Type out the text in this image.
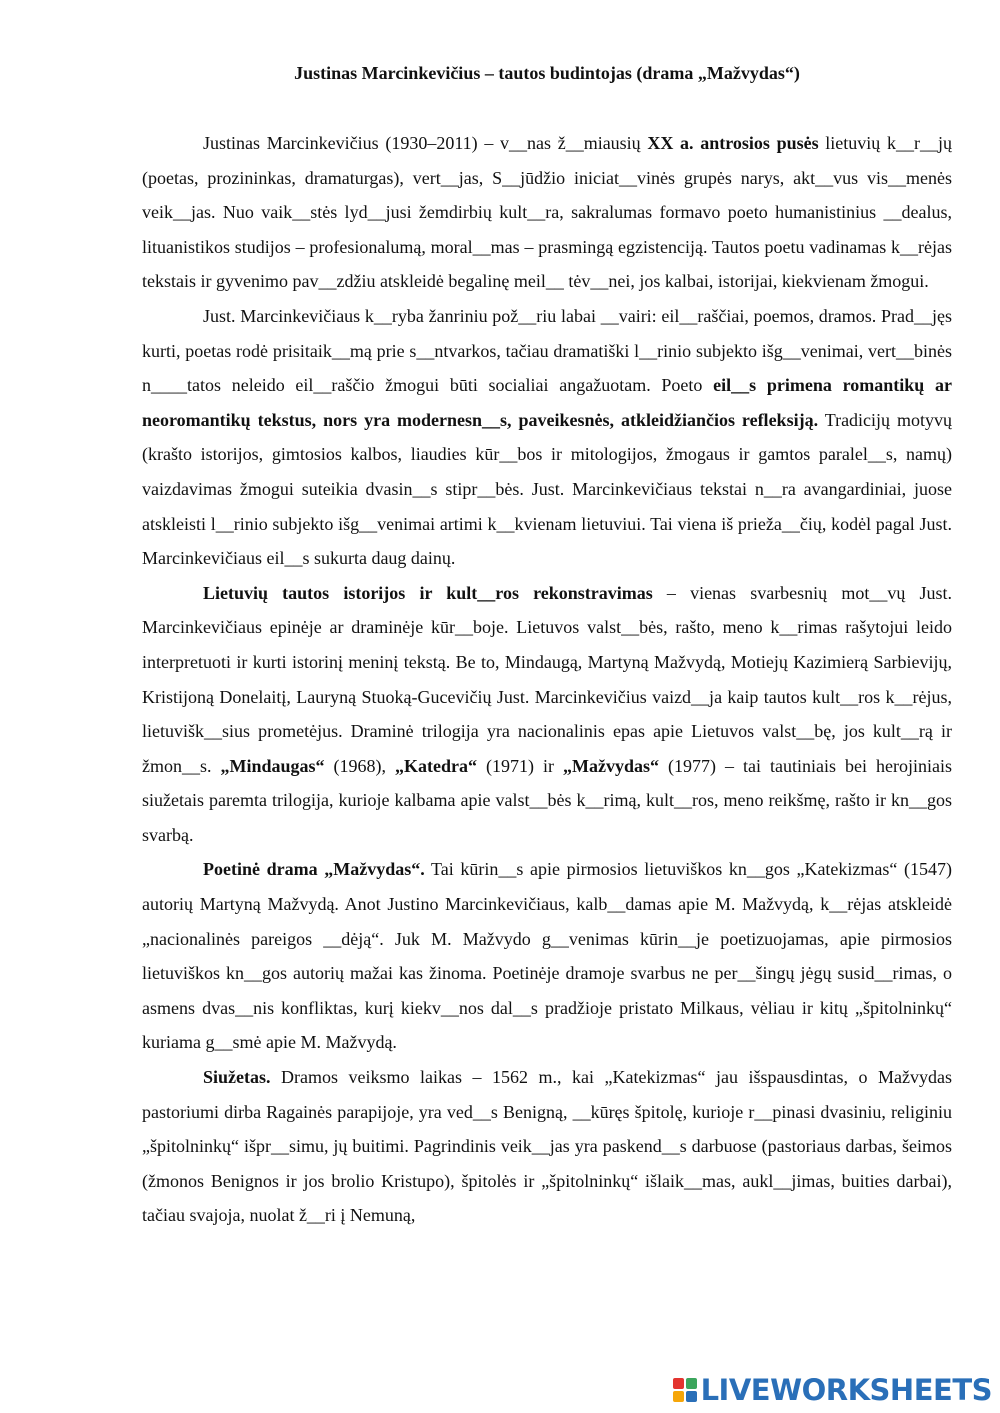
Justinas Marcinkevičius – tautos budintojas (drama „Mažvydas“)

Justinas Marcinkevičius (1930–2011) – v__nas ž__miausių XX a. antrosios pusės lietuvių k__r__jų (poetas, prozininkas, dramaturgas), vert__jas, S__jūdžio iniciat__vinės grupės narys, akt__vus vis__menės veik__jas. Nuo vaik__stės lyd__jusi žemdirbių kult__ra, sakralumas formavo poeto humanistinius __dealus, lituanistikos studijos – profesionalumą, moral__mas – prasmingą egzistenciją. Tautos poetu vadinamas k__rėjas tekstais ir gyvenimo pav__zdžiu atskleidė begalinę meil__ tėv__nei, jos kalbai, istorijai, kiekvienam žmogui.

Just. Marcinkevičiaus k__ryba žanriniu pož__riu labai __vairi: eil__raščiai, poemos, dramos. Prad__jęs kurti, poetas rodė prisitaik__mą prie s__ntvarkos, tačiau dramatiški l__rinio subjekto išg__venimai, vert__binės n____tatos neleido eil__raščio žmogui būti socialiai angažuotam. Poeto eil__s primena romantikų ar neoromantikų tekstus, nors yra modernesn__s, paveikesnės, atkleidžiančios refleksiją. Tradicijų motyvų (krašto istorijos, gimtosios kalbos, liaudies kūr__bos ir mitologijos, žmogaus ir gamtos paralel__s, namų) vaizdavimas žmogui suteikia dvasin__s stipr__bės. Just. Marcinkevičiaus tekstai n__ra avangardiniai, juose atskleisti l__rinio subjekto išg__venimai artimi k__kvienam lietuviui. Tai viena iš prieža__čių, kodėl pagal Just. Marcinkevičiaus eil__s sukurta daug dainų.

Lietuvių tautos istorijos ir kult__ros rekonstravimas – vienas svarbesnių mot__vų Just. Marcinkevičiaus epinėje ar draminėje kūr__boje. Lietuvos valst__bės, rašto, meno k__rimas rašytojui leido interpretuoti ir kurti istorinį meninį tekstą. Be to, Mindaugą, Martyną Mažvydą, Motiejų Kazimierą Sarbievijų, Kristijoną Donelaitį, Lauryną Stuoką-Gucevičių Just. Marcinkevičius vaizd__ja kaip tautos kult__ros k__rėjus, lietuvišk__sius prometėjus. Draminė trilogija yra nacionalinis epas apie Lietuvos valst__bę, jos kult__rą ir žmon__s. „Mindaugas“ (1968), „Katedra“ (1971) ir „Mažvydas“ (1977) – tai tautiniais bei herojiniais siužetais paremta trilogija, kurioje kalbama apie valst__bės k__rimą, kult__ros, meno reikšmę, rašto ir kn__gos svarbą.

Poetinė drama „Mažvydas“. Tai kūrin__s apie pirmosios lietuviškos kn__gos „Katekizmas“ (1547) autorių Martyną Mažvydą. Anot Justino Marcinkevičiaus, kalb__damas apie M. Mažvydą, k__rėjas atskleidė „nacionalinės pareigos __dėją“. Juk M. Mažvydo g__venimas kūrin__je poetizuojamas, apie pirmosios lietuviškos kn__gos autorių mažai kas žinoma. Poetinėje dramoje svarbus ne per__šingų jėgų susid__rimas, o asmens dvas__nis konfliktas, kurį kiekv__nos dal__s pradžioje pristato Milkaus, vėliau ir kitų „špitolninkų“ kuriama g__smė apie M. Mažvydą.

Siužetas. Dramos veiksmo laikas – 1562 m., kai „Katekizmas“ jau išspausdintas, o Mažvydas pastoriumi dirba Ragainės parapijoje, yra ved__s Benigną, __kūręs špitolę, kurioje r__pinasi dvasiniu, religiniu „špitolninkų“ išpr__simu, jų buitimi. Pagrindinis veik__jas yra paskend__s darbuose (pastoriaus darbas, šeimos (žmonos Benignos ir jos brolio Kristupo), špitolės ir „špitolninkų“ išlaik__mas, aukl__jimas, buities darbai), tačiau svajoja, nuolat ž__ri į Nemuną,

LIVEWORKSHEETS
